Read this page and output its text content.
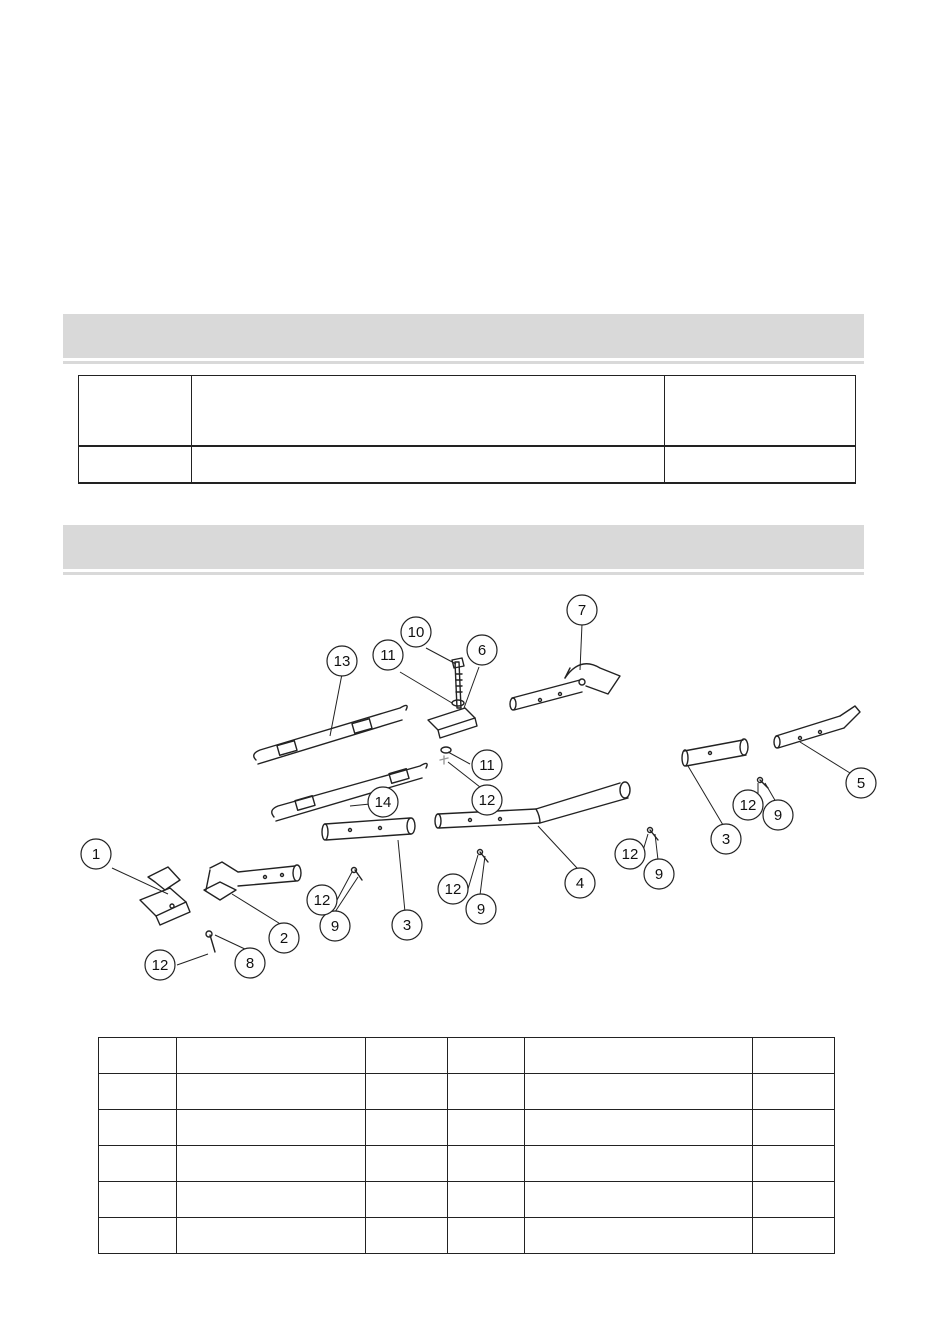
1
2
3
3
4
5
6
7
8
9
9
9
9
10
11
11
12
12
12
12
12
12
13
14
